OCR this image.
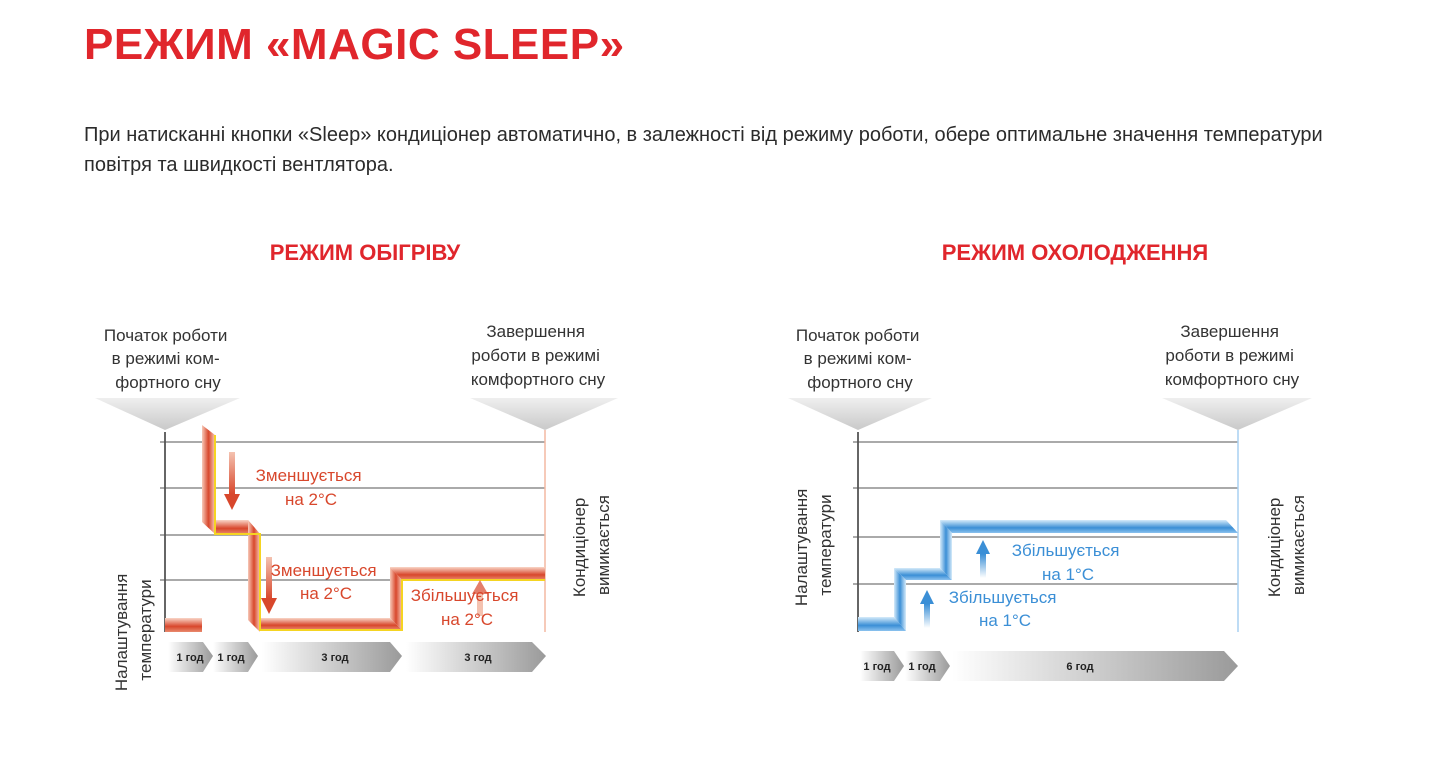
РЕЖИМ «MAGIC SLEEP»

При натисканні кнопки «Sleep» кондиціонер автоматично, в залежності від режиму роботи, обере оптимальне значення температури повітря та швидкості вентлятора.

РЕЖИМ ОБІГРІВУ	РЕЖИМ ОХОЛОДЖЕННЯ
Початок роботи в режимі ком- фортного сну
Завершення роботи в режимі комфортного сну
Зменшується на 2°С
Зменшується на 2°С	Збільшується на 2°С
Налаштування температури
Кондиціонер вимикається
1 год 1 год	3 год	3 год
Початок роботи в режимі ком- фортного сну
Завершення роботи в режимі комфортного сну
Збільшується на 1°С
Збільшується на 1°С
Налаштування температури	Кондиціонер вимикається
1 год 1 год	6 год
